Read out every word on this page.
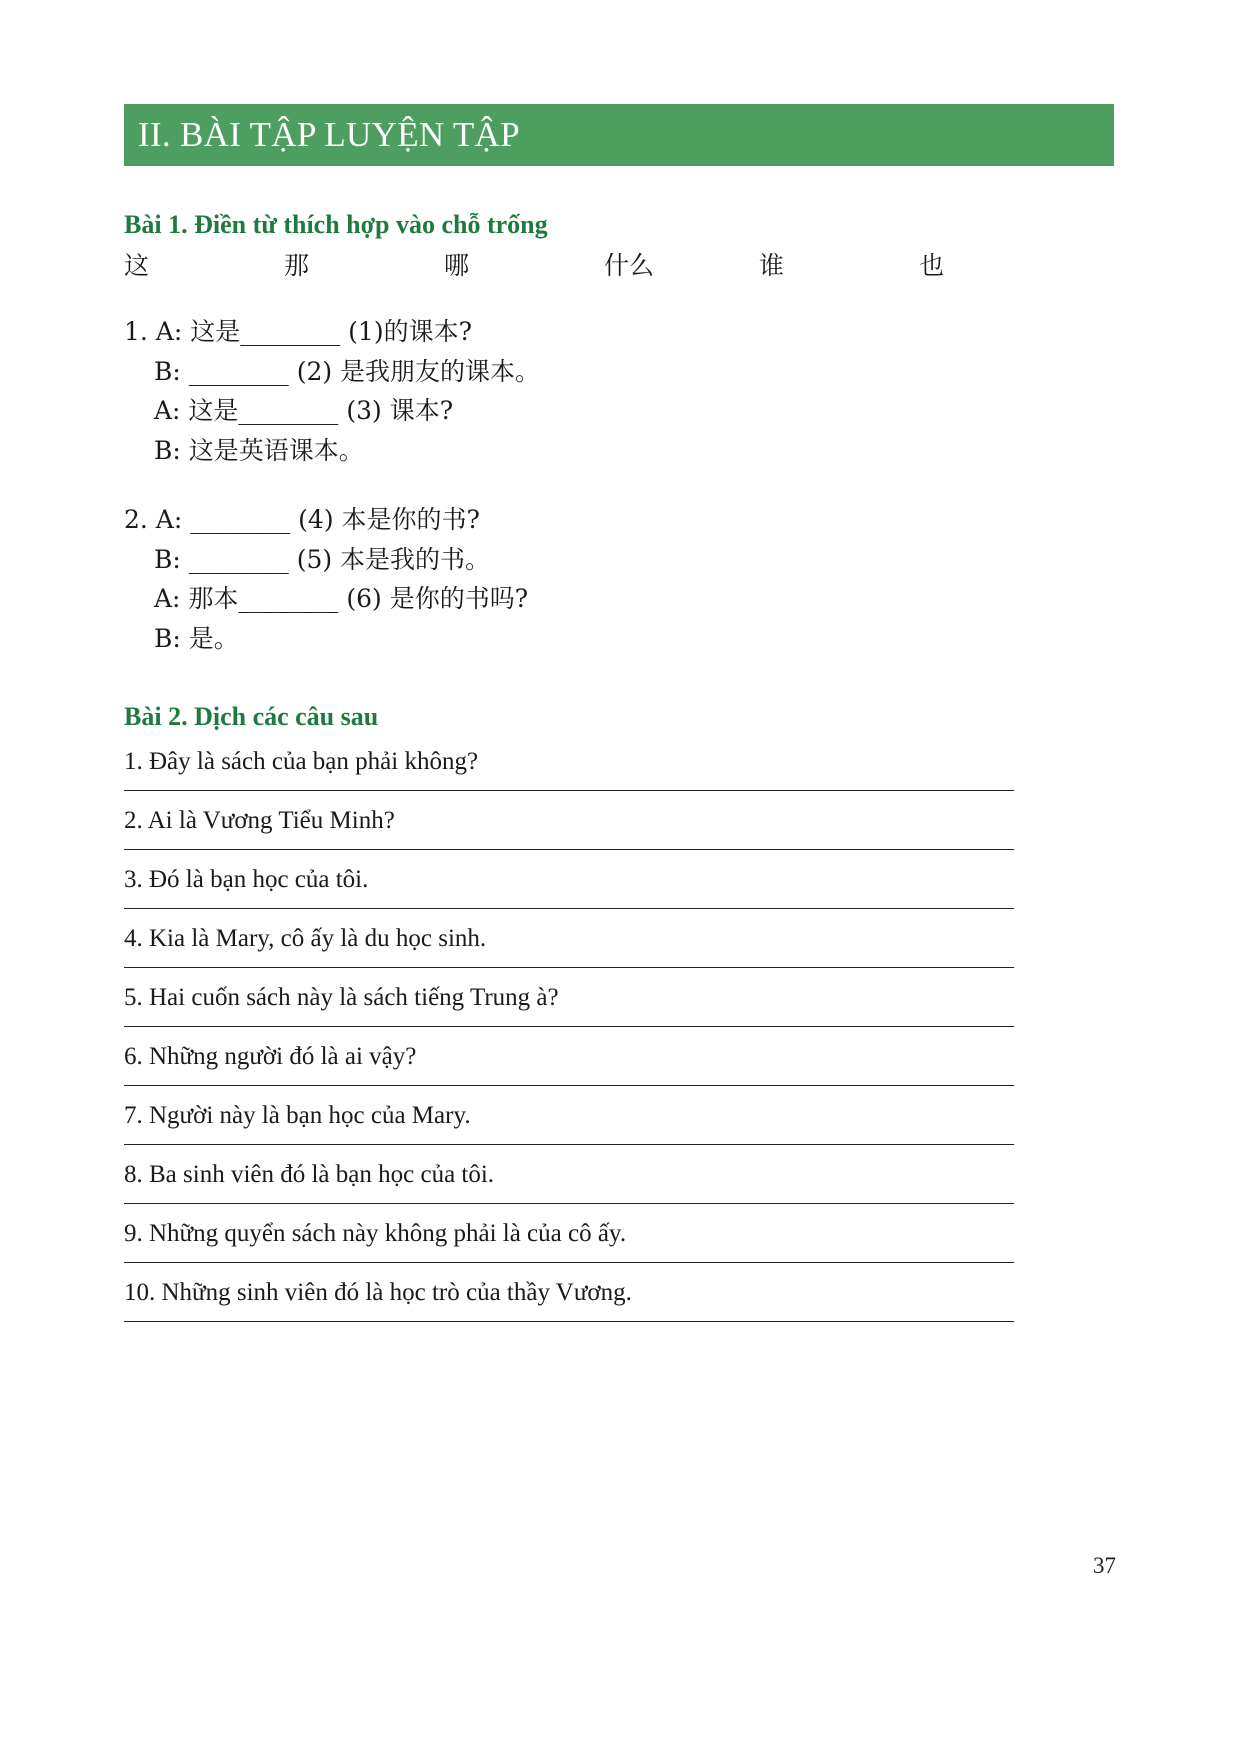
II. BÀI TẬP LUYỆN TẬP
Bài 1. Điền từ thích hợp vào chỗ trống
这	那	哪	什么	谁	也
1. A: 这是________ (1)的课本?
B: ________ (2) 是我朋友的课本。
A: 这是________ (3) 课本?
B: 这是英语课本。
2. A: ________ (4) 本是你的书?
B: ________ (5) 本是我的书。
A: 那本________ (6) 是你的书吗?
B: 是。
Bài 2. Dịch các câu sau
1. Đây là sách của bạn phải không?
2. Ai là Vương Tiểu Minh?
3. Đó là bạn học của tôi.
4. Kia là Mary, cô ấy là du học sinh.
5. Hai cuốn sách này là sách tiếng Trung à?
6. Những người đó là ai vậy?
7. Người này là bạn học của Mary.
8. Ba sinh viên đó là bạn học của tôi.
9. Những quyển sách này không phải là của cô ấy.
10. Những sinh viên đó là học trò của thầy Vương.
37
